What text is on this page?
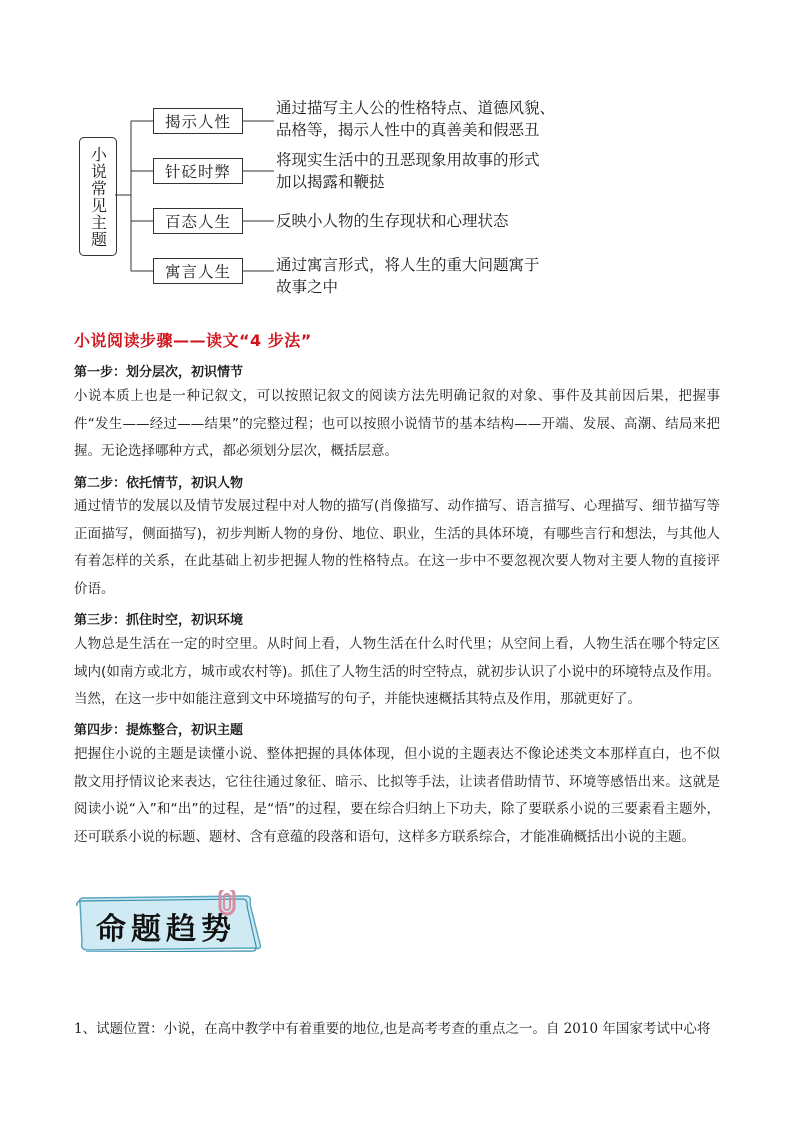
小说常见主题
揭示人性
通过描写主人公的性格特点、道德风貌、
品格等，揭示人性中的真善美和假恶丑
针砭时弊
将现实生活中的丑恶现象用故事的形式
加以揭露和鞭挞
百态人生	反映小人物的生存现状和心理状态
寓言人生	通过寓言形式，将人生的重大问题寓于
故事之中
小说阅读步骤——读文“4 步法”
第一步：划分层次，初识情节
小说本质上也是一种记叙文，可以按照记叙文的阅读方法先明确记叙的对象、事件及其前因后果，把握事件“发生——经过——结果”的完整过程；也可以按照小说情节的基本结构——开端、发展、高潮、结局来把握。无论选择哪种方式，都必须划分层次，概括层意。
第二步：依托情节，初识人物
通过情节的发展以及情节发展过程中对人物的描写(肖像描写、动作描写、语言描写、心理描写、细节描写等正面描写，侧面描写)，初步判断人物的身份、地位、职业，生活的具体环境，有哪些言行和想法，与其他人有着怎样的关系，在此基础上初步把握人物的性格特点。在这一步中不要忽视次要人物对主要人物的直接评价语。
第三步：抓住时空，初识环境
人物总是生活在一定的时空里。从时间上看，人物生活在什么时代里；从空间上看，人物生活在哪个特定区域内(如南方或北方，城市或农村等)。抓住了人物生活的时空特点，就初步认识了小说中的环境特点及作用。当然，在这一步中如能注意到文中环境描写的句子，并能快速概括其特点及作用，那就更好了。
第四步：提炼整合，初识主题
把握住小说的主题是读懂小说、整体把握的具体体现，但小说的主题表达不像论述类文本那样直白，也不似散文用抒情议论来表达，它往往通过象征、暗示、比拟等手法，让读者借助情节、环境等感悟出来。这就是阅读小说“入”和“出”的过程，是“悟”的过程，要在综合归纳上下功夫，除了要联系小说的三要素看主题外，还可联系小说的标题、题材、含有意蕴的段落和语句，这样多方联系综合，才能准确概括出小说的主题。
命题趋势
1、试题位置：小说，在高中教学中有着重要的地位,也是高考考查的重点之一。自 2010 年国家考试中心将
